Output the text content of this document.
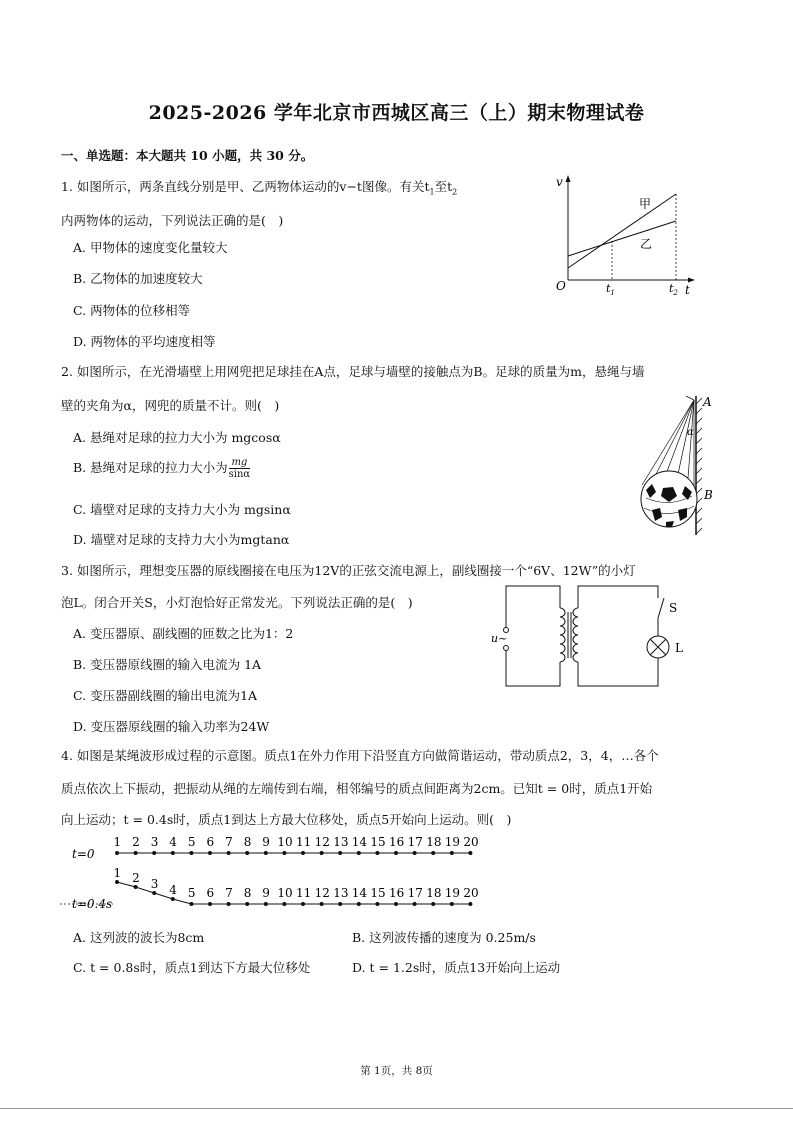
2025-2026 学年北京市西城区高三（上）期末物理试卷
一、单选题：本大题共 10 小题，共 30 分。
1. 如图所示，两条直线分别是甲、乙两物体运动的v−t图像。有关$t_1$至$t_2$
内两物体的运动，下列说法正确的是(　)
A. 甲物体的速度变化量较大
B. 乙物体的加速度较大
C. 两物体的位移相等
D. 两物体的平均速度相等
v
O	$t_1$	$t_2$ t
甲
乙
2. 如图所示，在光滑墙壁上用网兜把足球挂在A点，足球与墙壁的接触点为B。足球的质量为m，悬绳与墙
壁的夹角为α，网兜的质量不计。则(　)
A. 悬绳对足球的拉力大小为 mgcosα
B. 悬绳对足球的拉力大小为 $\frac{mg}{\sin\alpha}$
C. 墙壁对足球的支持力大小为 mgsinα
D. 墙壁对足球的支持力大小为mgtanα
A
B
α
3. 如图所示，理想变压器的原线圈接在电压为12V的正弦交流电源上，副线圈接一个“6V、12W”的小灯
泡L。闭合开关S，小灯泡恰好正常发光。下列说法正确的是(　)
A. 变压器原、副线圈的匝数之比为1：2
B. 变压器原线圈的输入电流为 1A
C. 变压器副线圈的输出电流为1A
D. 变压器原线圈的输入功率为24W
u~
S
L
4. 如图是某绳波形成过程的示意图。质点1在外力作用下沿竖直方向做简谐运动，带动质点2，3，4，…各个
质点依次上下振动，把振动从绳的左端传到右端，相邻编号的质点间距离为2cm。已知t = 0时，质点1开始
向上运动；t = 0.4s时，质点1到达上方最大位移处，质点5开始向上运动。则(　)
t=0
t=0.4s
1 2 3 4 5 6 7 8 9 10 11 12 13 14 15 16 17 18 19 20
1 2 3 4 5 6 7 8 9 10 11 12 13 14 15 16 17 18 19 20
A. 这列波的波长为8cm	B. 这列波传播的速度为 0.25m/s
C. t = 0.8s时，质点1到达下方最大位移处	D. t = 1.2s时，质点13开始向上运动
第 1页，共 8页
